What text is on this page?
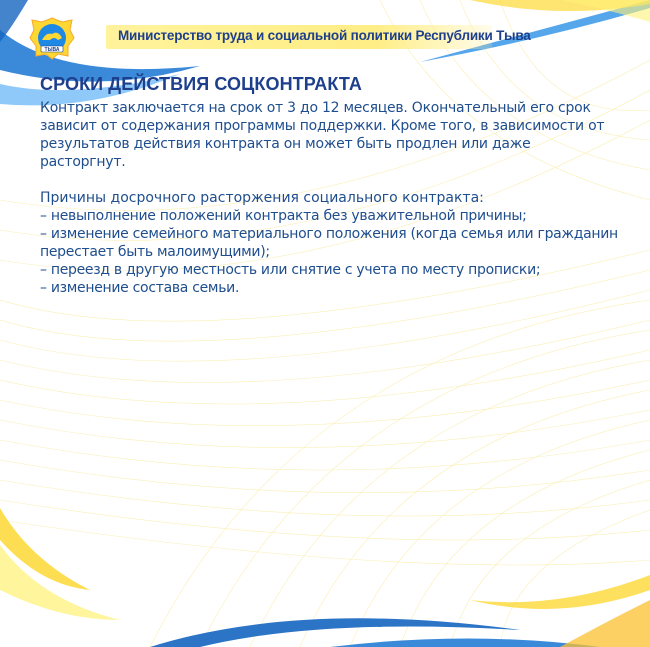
ТЫВА
Министерство труда и социальной политики Республики Тыва
СРОКИ ДЕЙСТВИЯ СОЦКОНТРАКТА

Контракт заключается на срок от 3 до 12 месяцев. Окончательный его срок зависит от содержания программы поддержки. Кроме того, в зависимости от результатов действия контракта он может быть продлен или даже расторгнут.

Причины досрочного расторжения социального контракта:

– невыполнение положений контракта без уважительной причины;
– изменение семейного материального положения (когда семья или гражданин перестает быть малоимущими);
– переезд в другую местность или снятие с учета по месту прописки;
– изменение состава семьи.
